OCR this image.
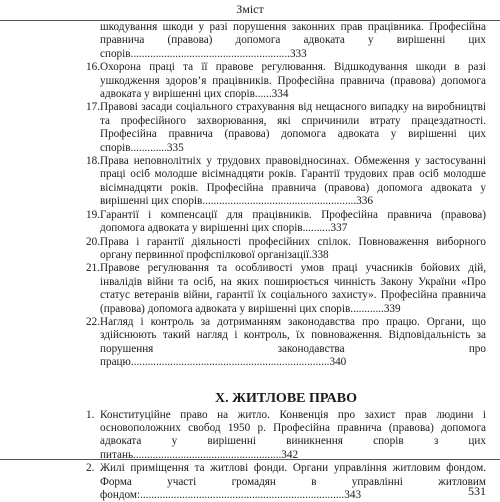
Зміст
шкодування шкоди у разі порушення законних прав працівника. Професійна правнича (правова) допомога адвоката у вирішенні цих спорів.........................................................333
16. Охорона праці та її правове регулювання. Відшкодування шкоди в разі ушкодження здоров’я працівників. Професійна правнича (правова) допомога адвоката у вирішенні цих спорів......334
17. Правові засади соціального страхування від нещасного випадку на виробництві та професійного захворювання, які спричинили втрату працездатності. Професійна правнича (правова) допомога адвоката у вирішенні цих спорів.............335
18. Права неповнолітніх у трудових правовідносинах. Обмеження у застосуванні праці осіб молодше вісімнадцяти років. Гарантії трудових прав осіб молодше вісімнадцяти років. Професійна правнича (правова) допомога адвоката у вирішенні цих спорів.......................................................336
19. Гарантії і компенсації для працівників. Професійна правнича (правова) допомога адвоката у вирішенні цих спорів..........337
20. Права і гарантії діяльності професійних спілок. Повноваження виборного органу первинної профспілкової організації.338
21. Правове регулювання та особливості умов праці учасників бойових дій, інвалідів війни та осіб, на яких поширюється чинність Закону України «Про статус ветеранів війни, гарантії їх соціального захисту». Професійна правнича (правова) допомога адвоката у вирішенні цих спорів............339
22. Нагляд і контроль за дотриманням законодавства про працю. Органи, що здійснюють такий нагляд і контроль, їх повноваження. Відповідальність за порушення законодавства про працю.......................................................................340
X. ЖИТЛОВЕ ПРАВО
1. Конституційне право на житло. Конвенція про захист прав людини і основоположних свобод 1950 р. Професійна правнича (правова) допомога адвоката у вирішенні виникнення спорів з цих питань.....................................................342
2. Жилі приміщення та житлові фонди. Органи управління житловим фондом. Форма участі громадян в управлінні житловим фондом:.........................................................................343	531
